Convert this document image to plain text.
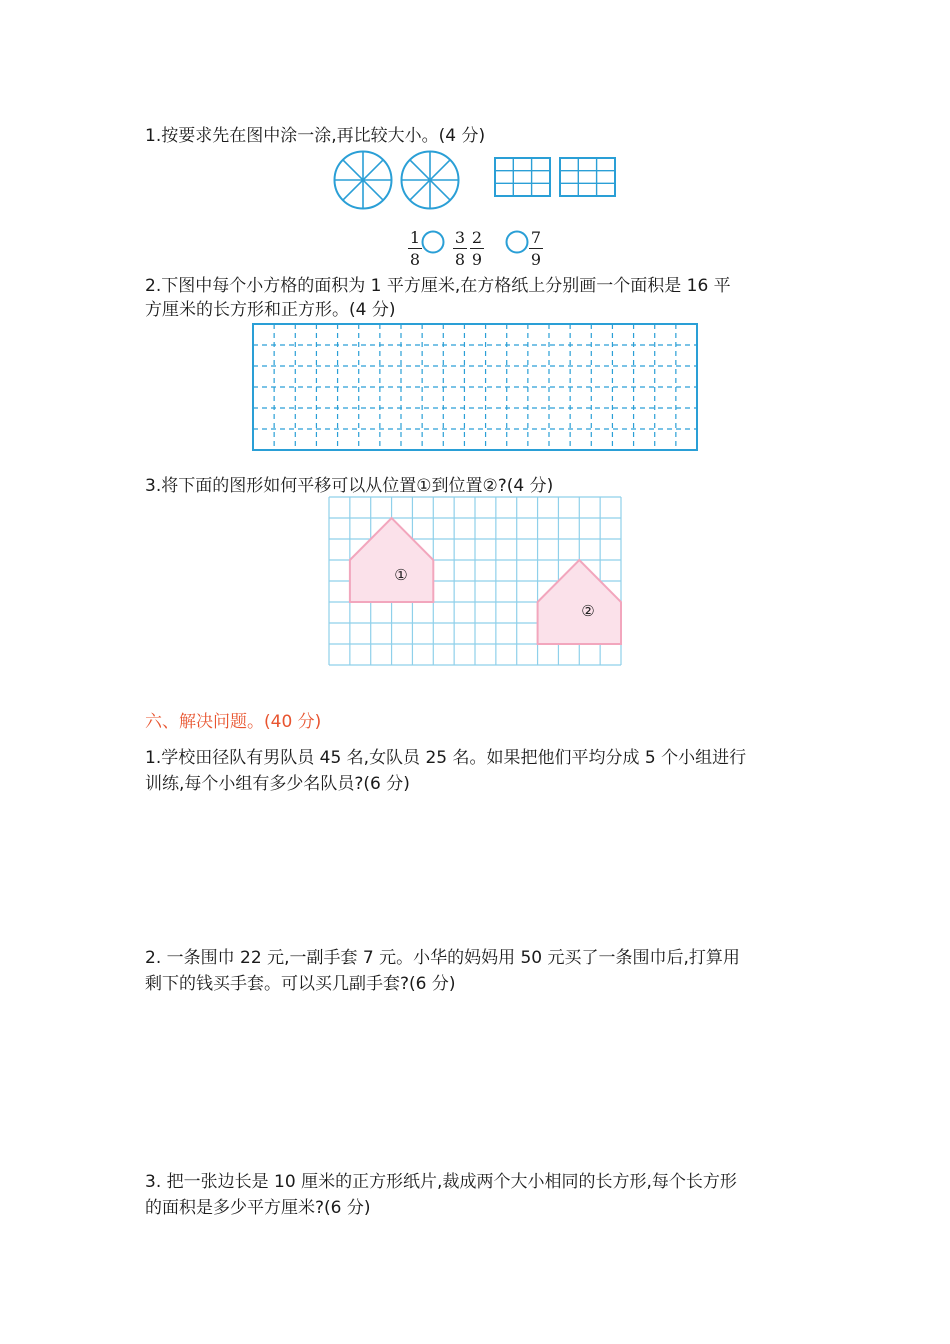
1.按要求先在图中涂一涂,再比较大小。(4 分)
$\frac{1}{8} \frac{3}{8} \frac{2}{9}$	$\frac{7}{9}$
2.下图中每个小方格的面积为 1 平方厘米,在方格纸上分别画一个面积是 16 平
方厘米的长方形和正方形。(4 分)
3.将下面的图形如何平移可以从位置①到位置②?(4 分)
①
②
六、解决问题。(40 分)
1.学校田径队有男队员 45 名,女队员 25 名。如果把他们平均分成 5 个小组进行
训练,每个小组有多少名队员?(6 分)
2. 一条围巾 22 元,一副手套 7 元。小华的妈妈用 50 元买了一条围巾后,打算用
剩下的钱买手套。可以买几副手套?(6 分)
3. 把一张边长是 10 厘米的正方形纸片,裁成两个大小相同的长方形,每个长方形
的面积是多少平方厘米?(6 分)
